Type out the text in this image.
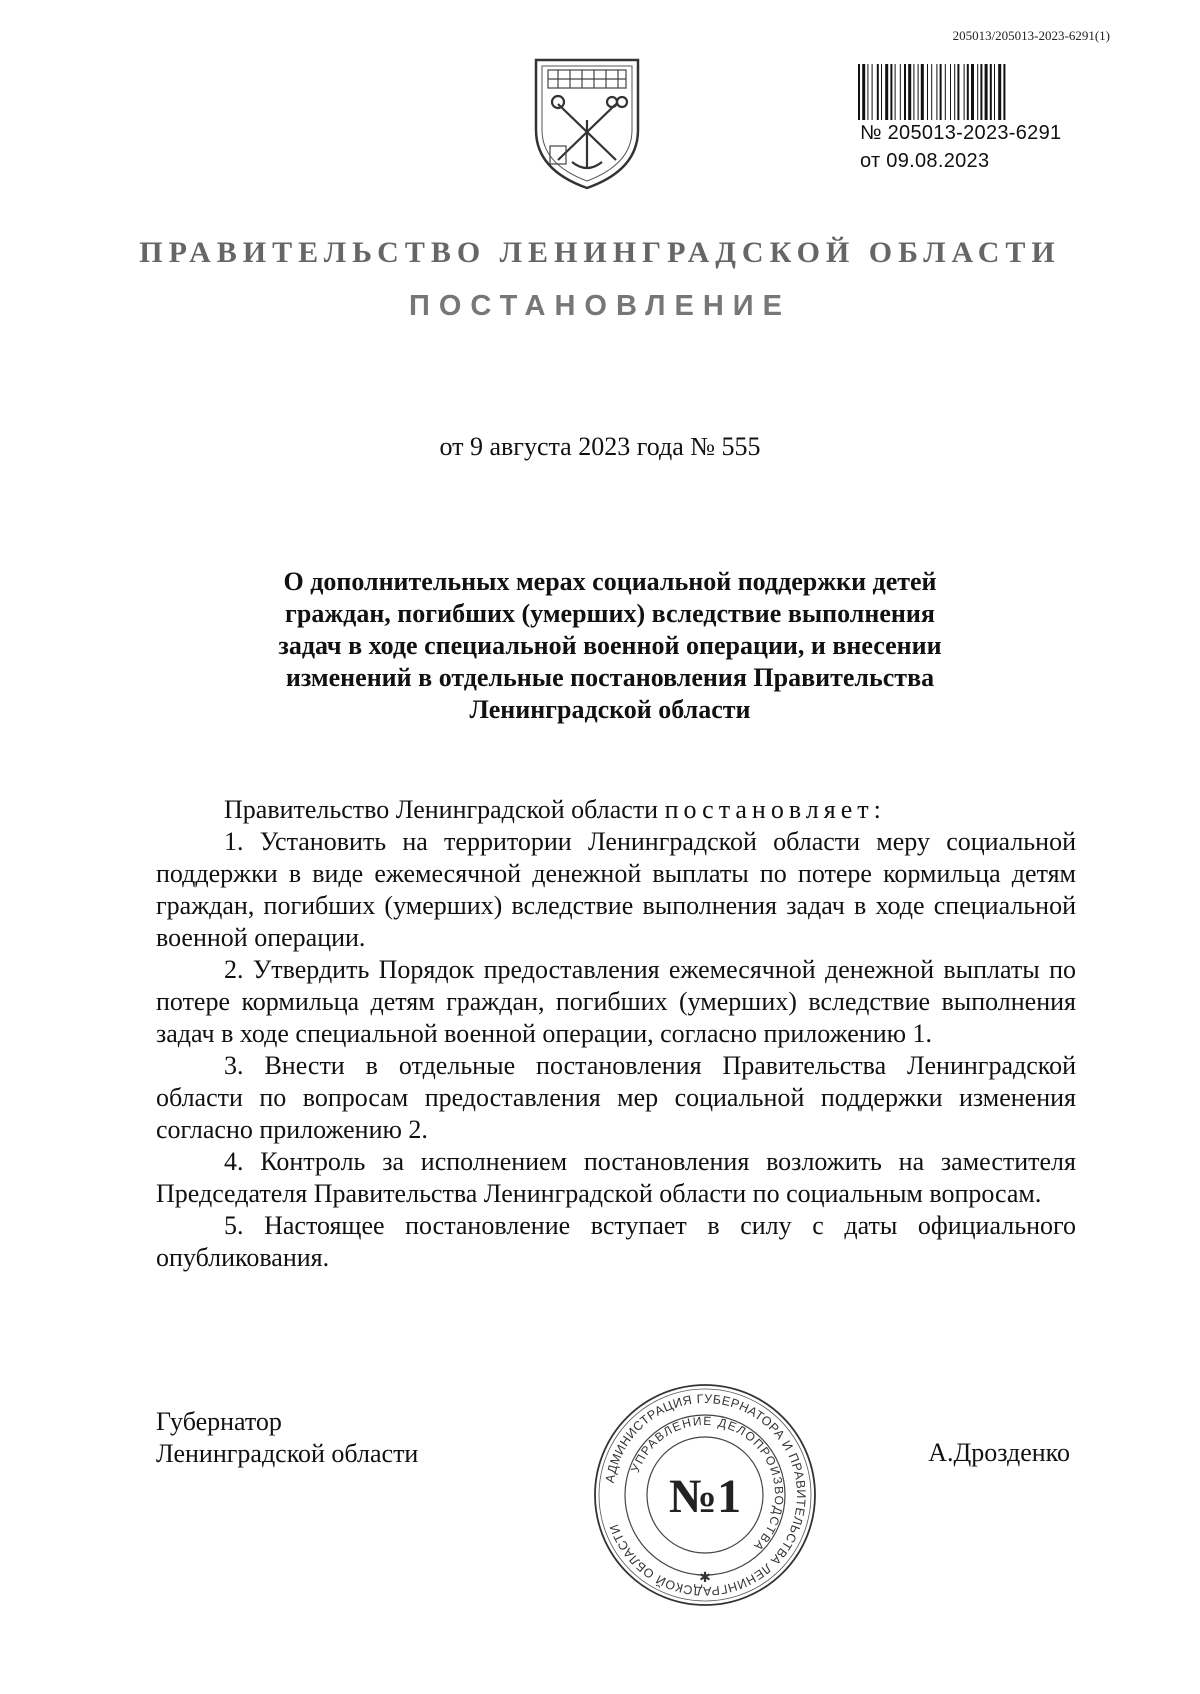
205013/205013-2023-6291(1)
№ 205013-2023-6291
от 09.08.2023
ПРАВИТЕЛЬСТВО ЛЕНИНГРАДСКОЙ ОБЛАСТИ
ПОСТАНОВЛЕНИЕ
от 9 августа 2023 года № 555
О дополнительных мерах социальной поддержки детей
граждан, погибших (умерших) вследствие выполнения
задач в ходе специальной военной операции, и внесении
изменений в отдельные постановления Правительства
Ленинградской области

Правительство Ленинградской области постановляет:

1. Установить на территории Ленинградской области меру социальной поддержки в виде ежемесячной денежной выплаты по потере кормильца детям граждан, погибших (умерших) вследствие выполнения задач в ходе специальной военной операции.

2. Утвердить Порядок предоставления ежемесячной денежной выплаты по потере кормильца детям граждан, погибших (умерших) вследствие выполнения задач в ходе специальной военной операции, согласно приложению 1.

3. Внести в отдельные постановления Правительства Ленинградской области по вопросам предоставления мер социальной поддержки изменения согласно приложению 2.

4. Контроль за исполнением постановления возложить на заместителя Председателя Правительства Ленинградской области по социальным вопросам.

5. Настоящее постановление вступает в силу с даты официального опубликования.

Губернатор
Ленинградской области	А.Дрозденко
АДМИНИСТРАЦИЯ ГУБЕРНАТОРА И ПРАВИТЕЛЬСТВА ЛЕНИНГРАДСКОЙ ОБЛАСТИ
УПРАВЛЕНИЕ ДЕЛОПРОИЗВОДСТВА
№1
✱
